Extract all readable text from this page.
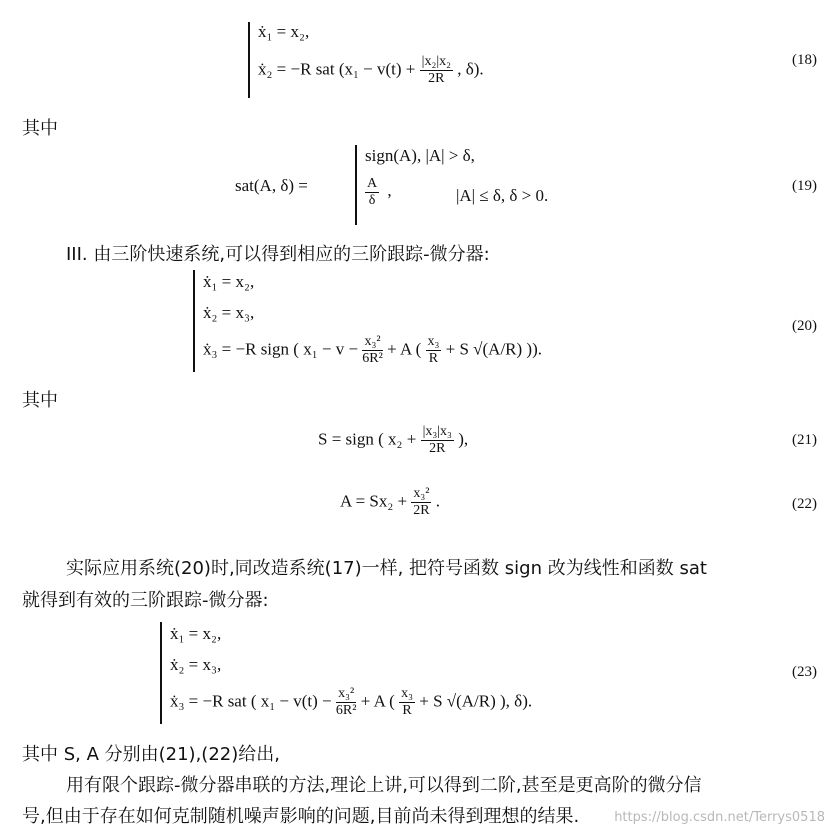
ẋ₁ = x₂,
ẋ₂ = −R sat ($x_1 - v(t) + \frac{\text{|x₂|x₂}}{2R}$ , δ).	(18)
其中
sat(A, δ) =
sign(A), |A| > δ,
$\frac{A}{\delta}$ ,	|A| ≤ δ, δ > 0.	(19)
III. 由三阶快速系统,可以得到相应的三阶跟踪-微分器:
ẋ₁ = x₂,
ẋ₂ = x₃,
ẋ₃ = −R sign ( $x_1 - v - \frac{\text{x₃²}}{\text{6R²}} + A$ ( $\frac{\text{x₃}}{R} + S$ √(A/R) )).
(20)
其中
S = sign ( $x_2 + \frac{\text{|x₃|x₃}}{2R}$ ),	(21)
$A = Sx_2 + \frac{\text{x₃²}}{2R}$ .	(22)
实际应用系统(20)时,同改造系统(17)一样, 把符号函数 sign 改为线性和函数 sat
就得到有效的三阶跟踪-微分器:
ẋ₁ = x₂,
ẋ₂ = x₃,
ẋ₃ = −R sat ( $x_1 - v(t) - \frac{\text{x₃²}}{\text{6R²}} + A$ ( $\frac{\text{x₃}}{R} + S$ √(A/R) ), δ).
(23)
其中 S, A 分别由(21),(22)给出,
用有限个跟踪-微分器串联的方法,理论上讲,可以得到二阶,甚至是更高阶的微分信
号,但由于存在如何克制随机噪声影响的问题,目前尚未得到理想的结果.	https://blog.csdn.net/Terrys0518
